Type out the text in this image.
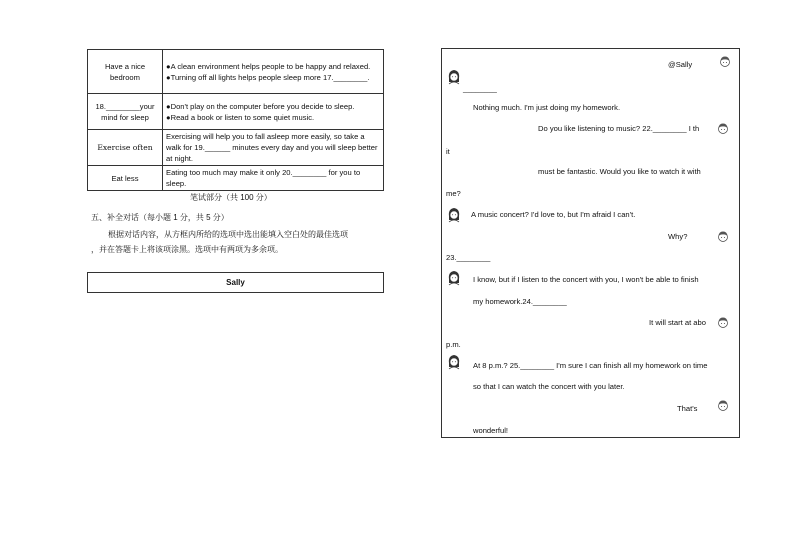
Have a nice bedroom	●A clean environment helps people to be happy and relaxed.
●Turning off all lights helps people sleep more 17.________.

18.________your mind for sleep	●Don't play on the computer before you decide to sleep.
●Read a book or listen to some quiet music.

Exercise often	Exercising will help you to fall asleep more easily, so take a walk for 19.______ minutes every day and you will sleep better at night.

Eat less	Eating too much may make it only 20.________ for you to sleep.
笔试部分（共 100 分）
五、补全对话（每小题 1 分，共 5 分）
根据对话内容，从方框内所给的选项中选出能填入空白处的最佳选项
，并在答题卡上将该项涂黑。选项中有两项为多余项。
Sally
@Sally
________
Nothing much. I'm just doing my homework.
Do you like listening to music? 22.________ I th
it
must be fantastic. Would you like to watch it with
me?
A music concert? I'd love to, but I'm afraid I can't.
Why?
23.________
I know, but if I listen to the concert with you, I won't be able to finish
my homework.24.________
It will start at abo
p.m.
At 8 p.m.? 25.________ I'm sure I can finish all my homework on time
so that I can watch the concert with you later.
That's
wonderful!
